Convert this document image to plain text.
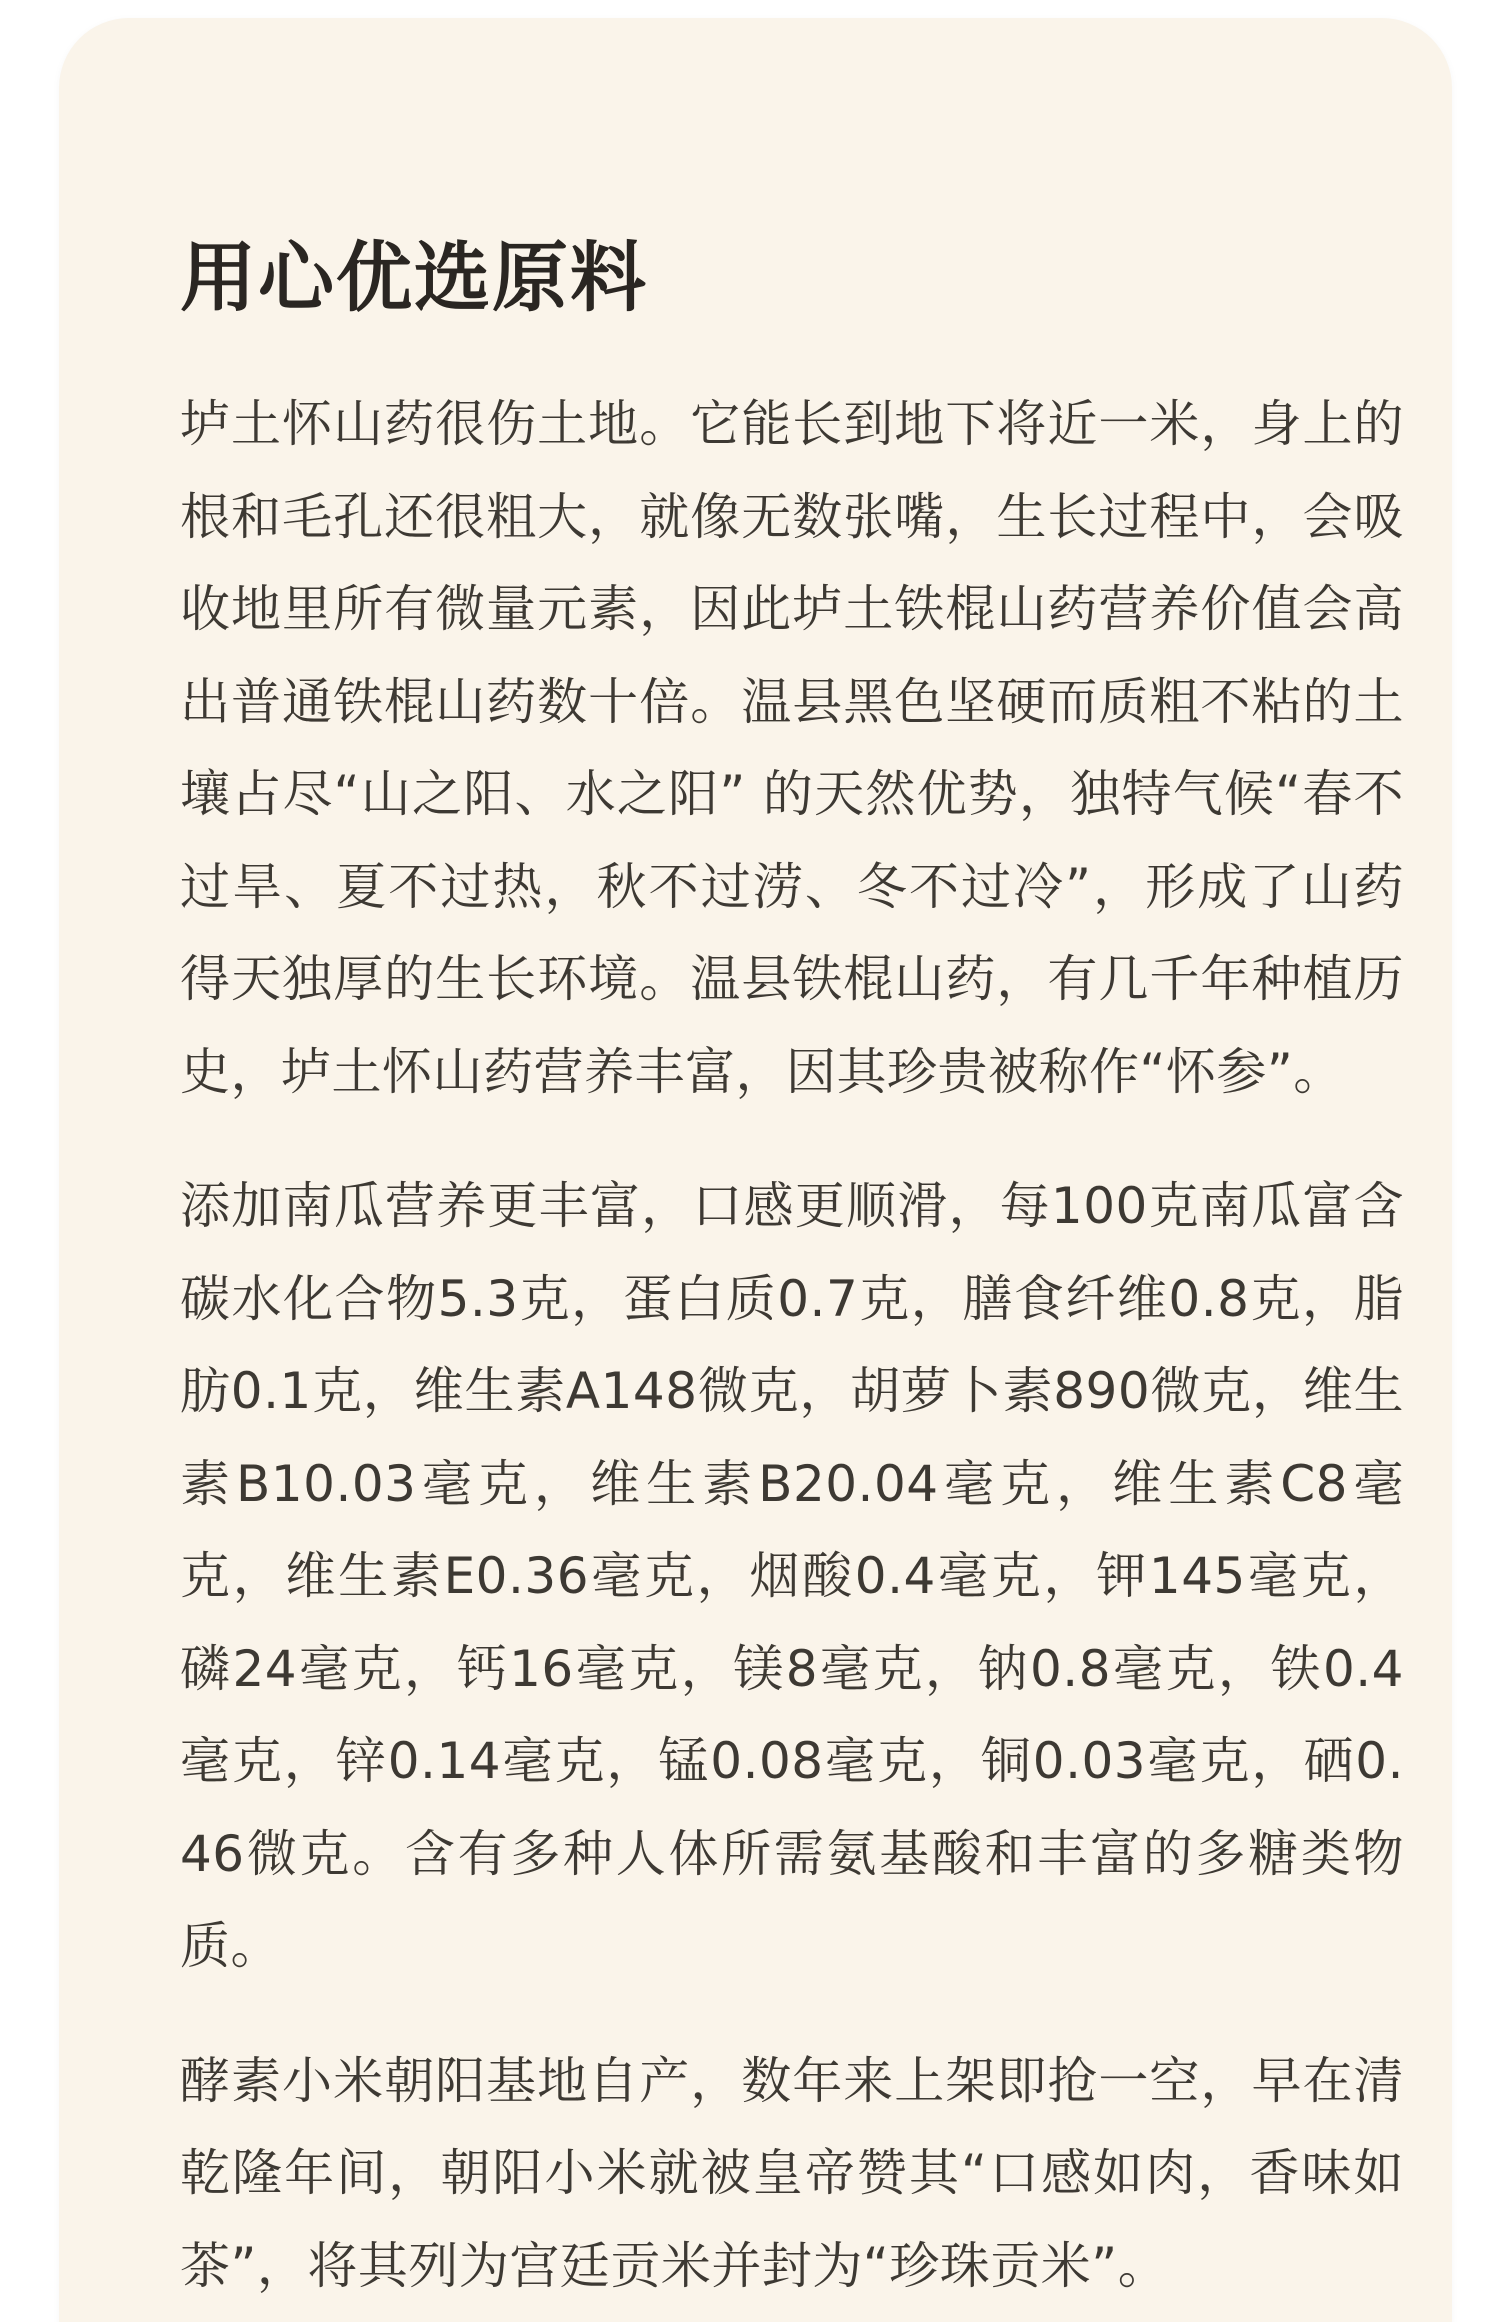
用心优选原料

垆土怀山药很伤土地。它能长到地下将近一米，身上的根和毛孔还很粗大，就像无数张嘴，生长过程中，会吸收地里所有微量元素，因此垆土铁棍山药营养价值会高出普通铁棍山药数十倍。温县黑色坚硬而质粗不粘的土壤占尽“山之阳、水之阳” 的天然优势，独特气候“春不过旱、夏不过热，秋不过涝、冬不过冷”，形成了山药得天独厚的生长环境。温县铁棍山药，有几千年种植历史，垆土怀山药营养丰富，因其珍贵被称作“怀参”。

添加南瓜营养更丰富，口感更顺滑，每100克南瓜富含碳水化合物5.3克，蛋白质0.7克，膳食纤维0.8克，脂肪0.1克，维生素A148微克，胡萝卜素890微克，维生素B10.03毫克，维生素B20.04毫克，维生素C8毫克，维生素E0.36毫克，烟酸0.4毫克，钾145毫克，磷24毫克，钙16毫克，镁8毫克，钠0.8毫克，铁0.4毫克，锌0.14毫克，锰0.08毫克，铜0.03毫克，硒0.46微克。含有多种人体所需氨基酸和丰富的多糖类物质。

酵素小米朝阳基地自产，数年来上架即抢一空，早在清乾隆年间，朝阳小米就被皇帝赞其“口感如肉，香味如茶”，将其列为宫廷贡米并封为“珍珠贡米”。
